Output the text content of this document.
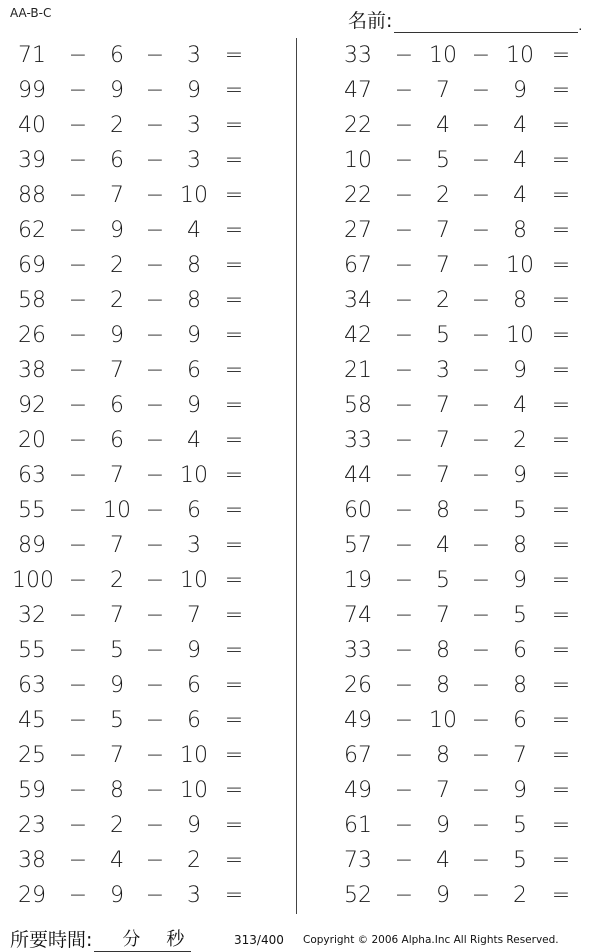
AA-B-C	名前:	.
71	−	6 −	3	=
99	−	9 −	9	=
40	−	2 −	3	=
39	−	6 −	3	=
88	−	7 − 10 =
62	−	9 −	4	=
69	−	2 −	8	=
58	−	2 −	8	=
26	−	9 −	9	=
38	−	7 −	6	=
92	−	6 −	9	=
20	−	6 −	4	=
63	−	7 − 10 =
55	− 10 −	6	=
89	−	7 −	3	=
100 −	2 − 10 =
32	−	7 −	7	=
55	−	5 −	9	=
63	−	9 −	6	=
45	−	5 −	6	=
25	−	7 − 10 =
59	−	8 − 10 =
23	−	2 −	9	=
38	−	4 −	2	=
29	−	9 −	3	=
33	− 10 − 10 =
47	−	7 −	9	=
22	−	4 −	4	=
10	−	5 −	4	=
22	−	2 −	4	=
27	−	7 −	8	=
67	−	7 − 10 =
34	−	2 −	8	=
42	−	5 − 10 =
21	−	3 −	9	=
58	−	7 −	4	=
33	−	7 −	2	=
44	−	7 −	9	=
60	−	8 −	5	=
57	−	4 −	8	=
19	−	5 −	9	=
74	−	7 −	5	=
33	−	8 −	6	=
26	−	8 −	8	=
49	− 10 −	6	=
67	−	8 −	7	=
49	−	7 −	9	=
61	−	9 −	5	=
73	−	4 −	5	=
52	−	9 −	2	=
所要時間: 分 秒	313/400 Copyright © 2006 Alpha.Inc All Rights Reserved.
